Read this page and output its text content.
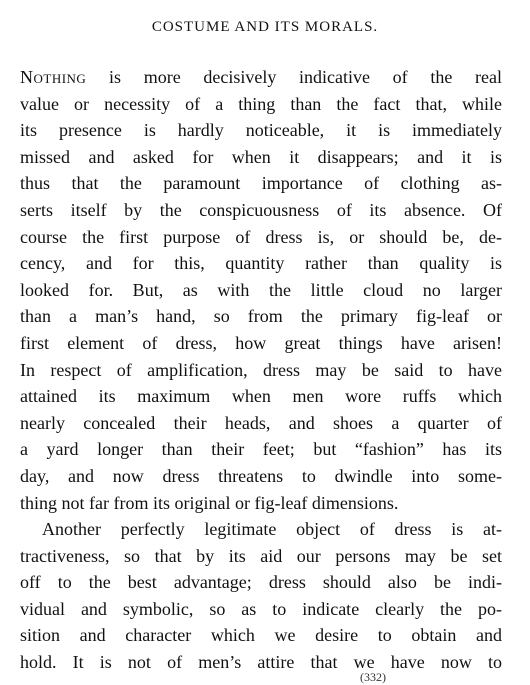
COSTUME AND ITS MORALS.
Nothing is more decisively indicative of the real
value or necessity of a thing than the fact that, while
its presence is hardly noticeable, it is immediately
missed and asked for when it disappears; and it is
thus that the paramount importance of clothing as-
serts itself by the conspicuousness of its absence. Of
course the first purpose of dress is, or should be, de-
cency, and for this, quantity rather than quality is
looked for. But, as with the little cloud no larger
than a man’s hand, so from the primary fig-leaf or
first element of dress, how great things have arisen!
In respect of amplification, dress may be said to have
attained its maximum when men wore ruffs which
nearly concealed their heads, and shoes a quarter of
a yard longer than their feet; but “fashion” has its
day, and now dress threatens to dwindle into some-
thing not far from its original or fig-leaf dimensions.
Another perfectly legitimate object of dress is at-
tractiveness, so that by its aid our persons may be set
off to the best advantage; dress should also be indi-
vidual and symbolic, so as to indicate clearly the po-
sition and character which we desire to obtain and
hold. It is not of men’s attire that we have now to
(332)
